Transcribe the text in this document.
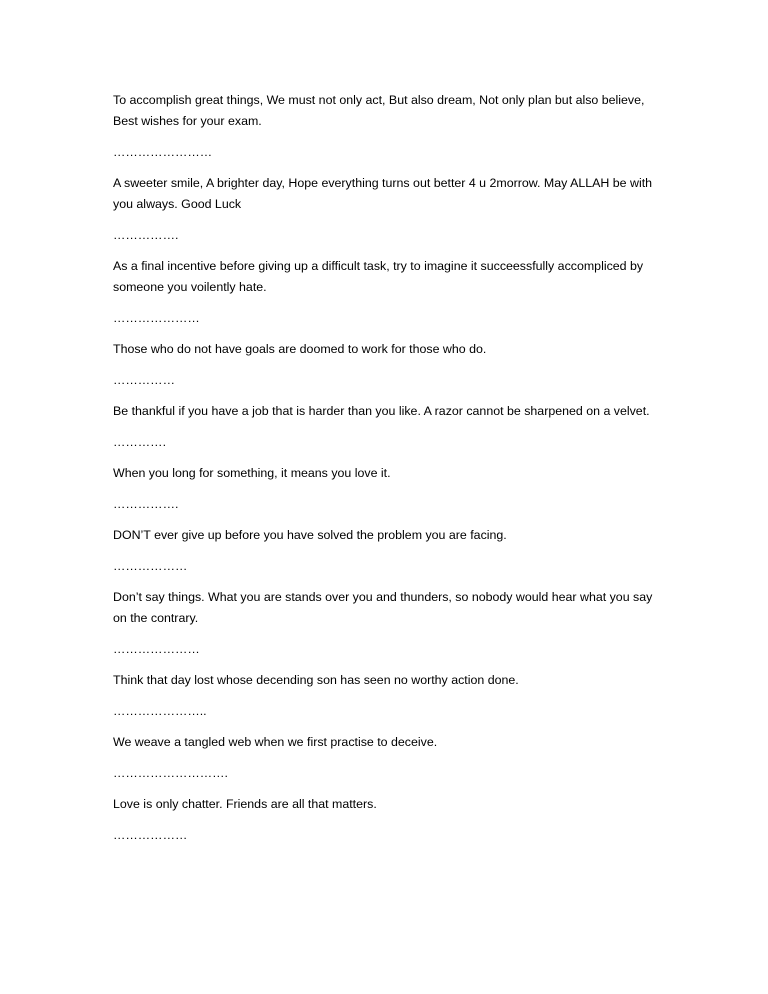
To accomplish great things, We must not only act, But also dream, Not only plan but also believe, Best wishes for your exam.

……………………

A sweeter smile, A brighter day, Hope everything turns out better 4 u 2morrow. May ALLAH be with you always. Good Luck

…………….

As a final incentive before giving up a difficult task, try to imagine it succeessfully accompliced by someone you voilently hate.

…………………

Those who do not have goals are doomed to work for those who do.

……………

Be thankful if you have a job that is harder than you like. A razor cannot be sharpened on a velvet.

………….

When you long for something, it means you love it.

…………….

DON’T ever give up before you have solved the problem you are facing.

………………

Don’t say things. What you are stands over you and thunders, so nobody would hear what you say on the contrary.

…………………

Think that day lost whose decending son has seen no worthy action done.

…………………..

We weave a tangled web when we first practise to deceive.

……………………….

Love is only chatter. Friends are all that matters.

………………
